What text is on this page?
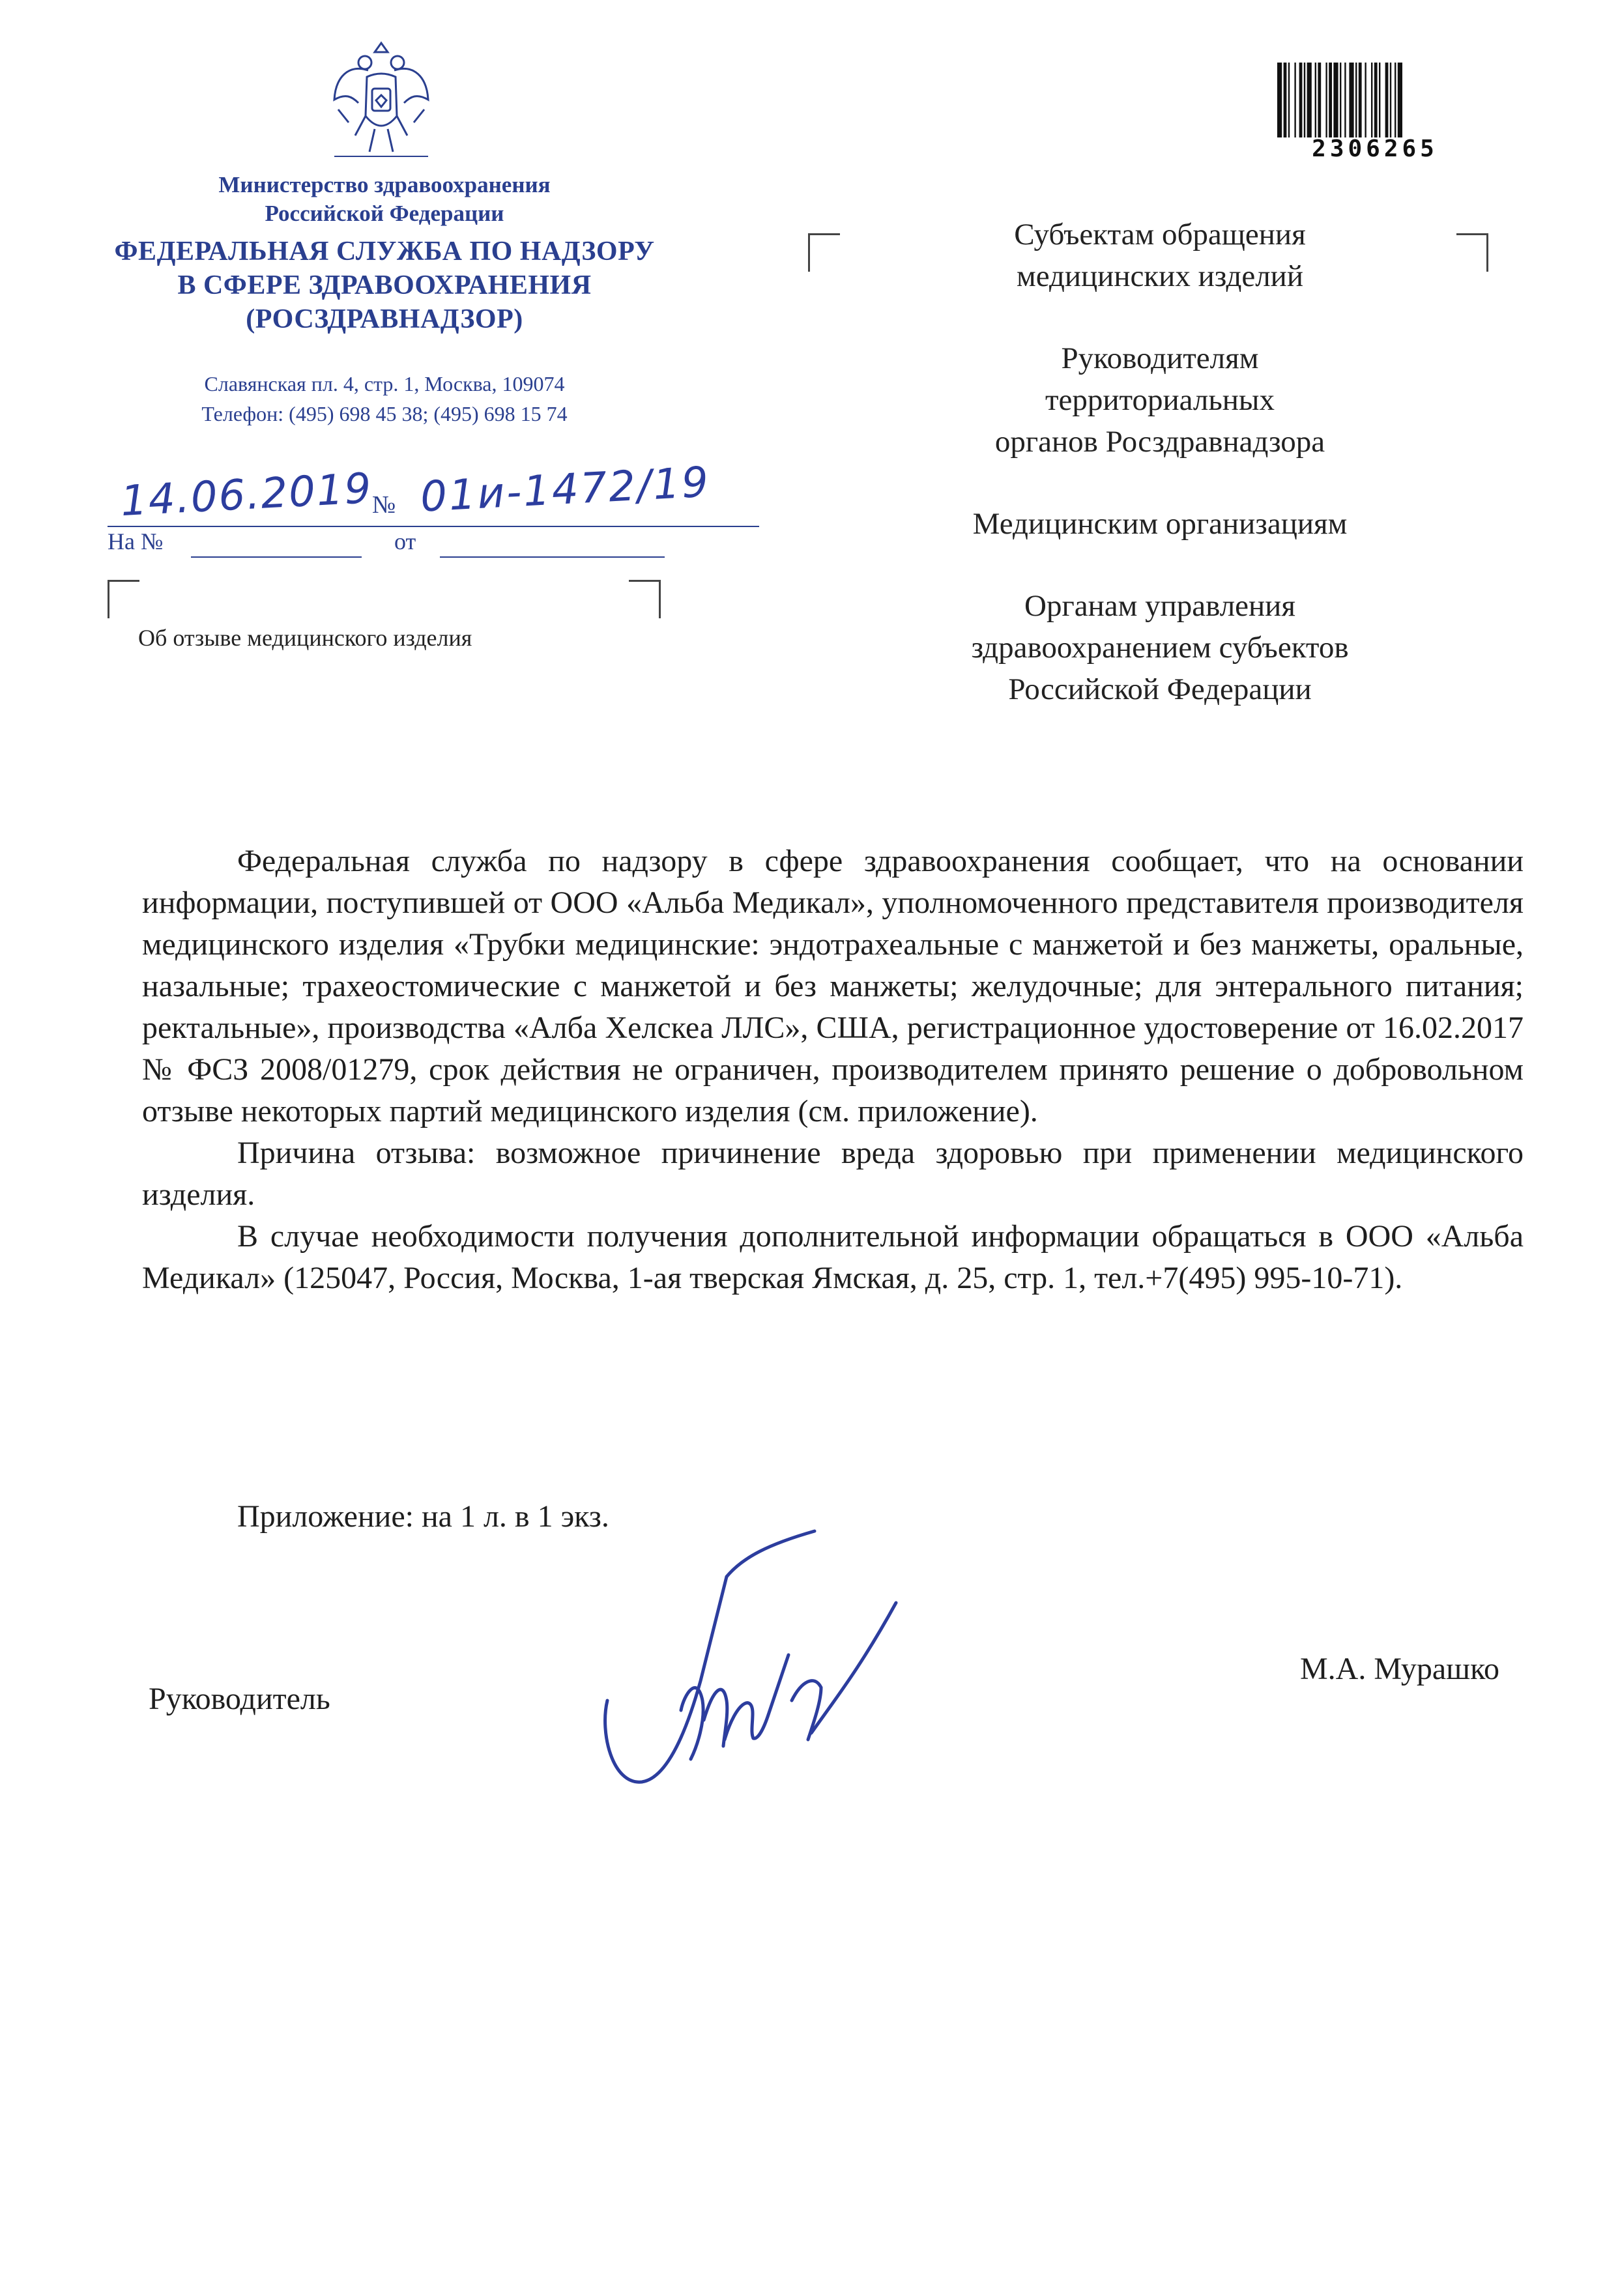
Министерство здравоохранения
Российской Федерации
ФЕДЕРАЛЬНАЯ СЛУЖБА ПО НАДЗОРУ
В СФЕРЕ ЗДРАВООХРАНЕНИЯ
(РОСЗДРАВНАДЗОР)
Славянская пл. 4, стр. 1, Москва, 109074
Телефон: (495) 698 45 38; (495) 698 15 74
14.06.2019
№ 01и-1472/19
На №	от
Об отзыве медицинского изделия
2306265
Субъектам обращения
медицинских изделий
Руководителям
территориальных
органов Росздравнадзора
Медицинским организациям
Органам управления
здравоохранением субъектов
Российской Федерации

Федеральная служба по надзору в сфере здравоохранения сообщает, что на основании информации, поступившей от ООО «Альба Медикал», уполномоченного представителя производителя медицинского изделия «Трубки медицинские: эндотрахеальные с манжетой и без манжеты, оральные, назальные; трахеостомические с манжетой и без манжеты; желудочные; для энтерального питания; ректальные», производства «Алба Хелскеа ЛЛС», США, регистрационное удостоверение от 16.02.2017 № ФСЗ 2008/01279, срок действия не ограничен, производителем принято решение о добровольном отзыве некоторых партий медицинского изделия (см. приложение).

Причина отзыва: возможное причинение вреда здоровью при применении медицинского изделия.

В случае необходимости получения дополнительной информации обращаться в ООО «Альба Медикал» (125047, Россия, Москва, 1-ая тверская Ямская, д. 25, стр. 1, тел.+7(495) 995-10-71).

Приложение: на 1 л. в 1 экз.
Руководитель
М.А. Мурашко
